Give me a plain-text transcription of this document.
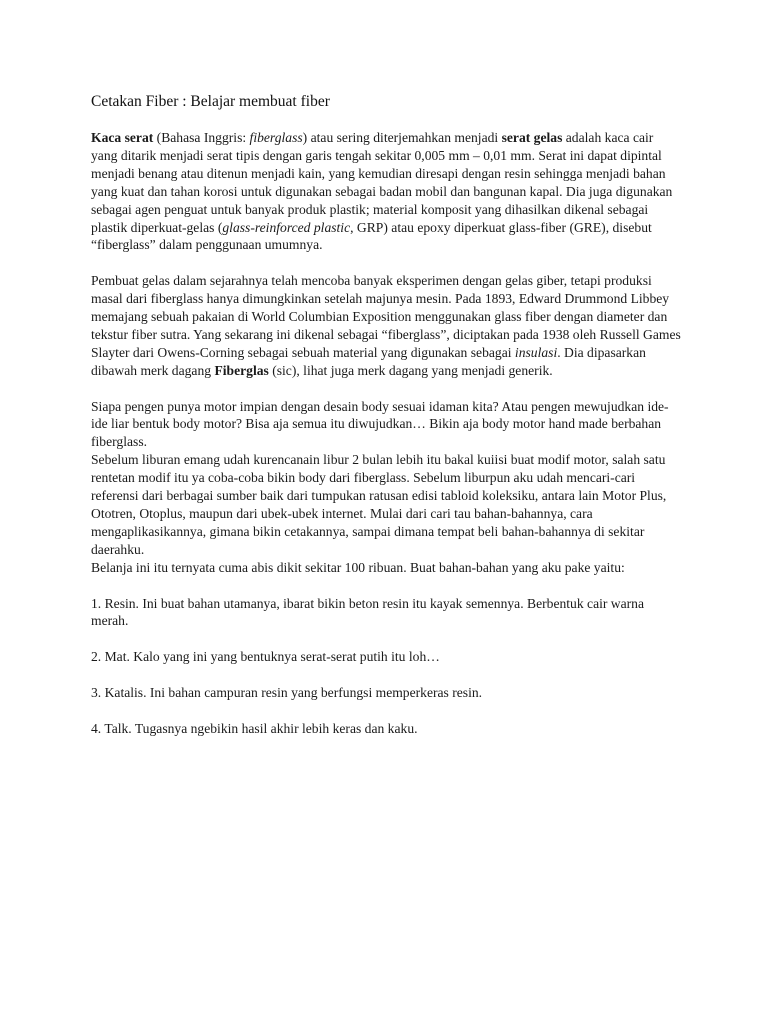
Cetakan Fiber : Belajar membuat fiber

Kaca serat (Bahasa Inggris: fiberglass) atau sering diterjemahkan menjadi serat gelas adalah kaca cair yang ditarik menjadi serat tipis dengan garis tengah sekitar 0,005 mm – 0,01 mm. Serat ini dapat dipintal menjadi benang atau ditenun menjadi kain, yang kemudian diresapi dengan resin sehingga menjadi bahan yang kuat dan tahan korosi untuk digunakan sebagai badan mobil dan bangunan kapal. Dia juga digunakan sebagai agen penguat untuk banyak produk plastik; material komposit yang dihasilkan dikenal sebagai plastik diperkuat-gelas (glass-reinforced plastic, GRP) atau epoxy diperkuat glass-fiber (GRE), disebut “fiberglass” dalam penggunaan umumnya.

Pembuat gelas dalam sejarahnya telah mencoba banyak eksperimen dengan gelas giber, tetapi produksi masal dari fiberglass hanya dimungkinkan setelah majunya mesin. Pada 1893, Edward Drummond Libbey memajang sebuah pakaian di World Columbian Exposition menggunakan glass fiber dengan diameter dan tekstur fiber sutra. Yang sekarang ini dikenal sebagai “fiberglass”, diciptakan pada 1938 oleh Russell Games Slayter dari Owens-Corning sebagai sebuah material yang digunakan sebagai insulasi. Dia dipasarkan dibawah merk dagang Fiberglas (sic), lihat juga merk dagang yang menjadi generik.

Siapa pengen punya motor impian dengan desain body sesuai idaman kita? Atau pengen mewujudkan ide-ide liar bentuk body motor? Bisa aja semua itu diwujudkan… Bikin aja body motor hand made berbahan fiberglass.

Sebelum liburan emang udah kurencanain libur 2 bulan lebih itu bakal kuiisi buat modif motor, salah satu rentetan modif itu ya coba-coba bikin body dari fiberglass. Sebelum liburpun aku udah mencari-cari referensi dari berbagai sumber baik dari tumpukan ratusan edisi tabloid koleksiku, antara lain Motor Plus, Ototren, Otoplus, maupun dari ubek-ubek internet. Mulai dari cari tau bahan-bahannya, cara mengaplikasikannya, gimana bikin cetakannya, sampai dimana tempat beli bahan-bahannya di sekitar daerahku.

Belanja ini itu ternyata cuma abis dikit sekitar 100 ribuan. Buat bahan-bahan yang aku pake yaitu:

1. Resin. Ini buat bahan utamanya, ibarat bikin beton resin itu kayak semennya. Berbentuk cair warna merah.

2. Mat. Kalo yang ini yang bentuknya serat-serat putih itu loh…

3. Katalis. Ini bahan campuran resin yang berfungsi memperkeras resin.

4. Talk. Tugasnya ngebikin hasil akhir lebih keras dan kaku.
